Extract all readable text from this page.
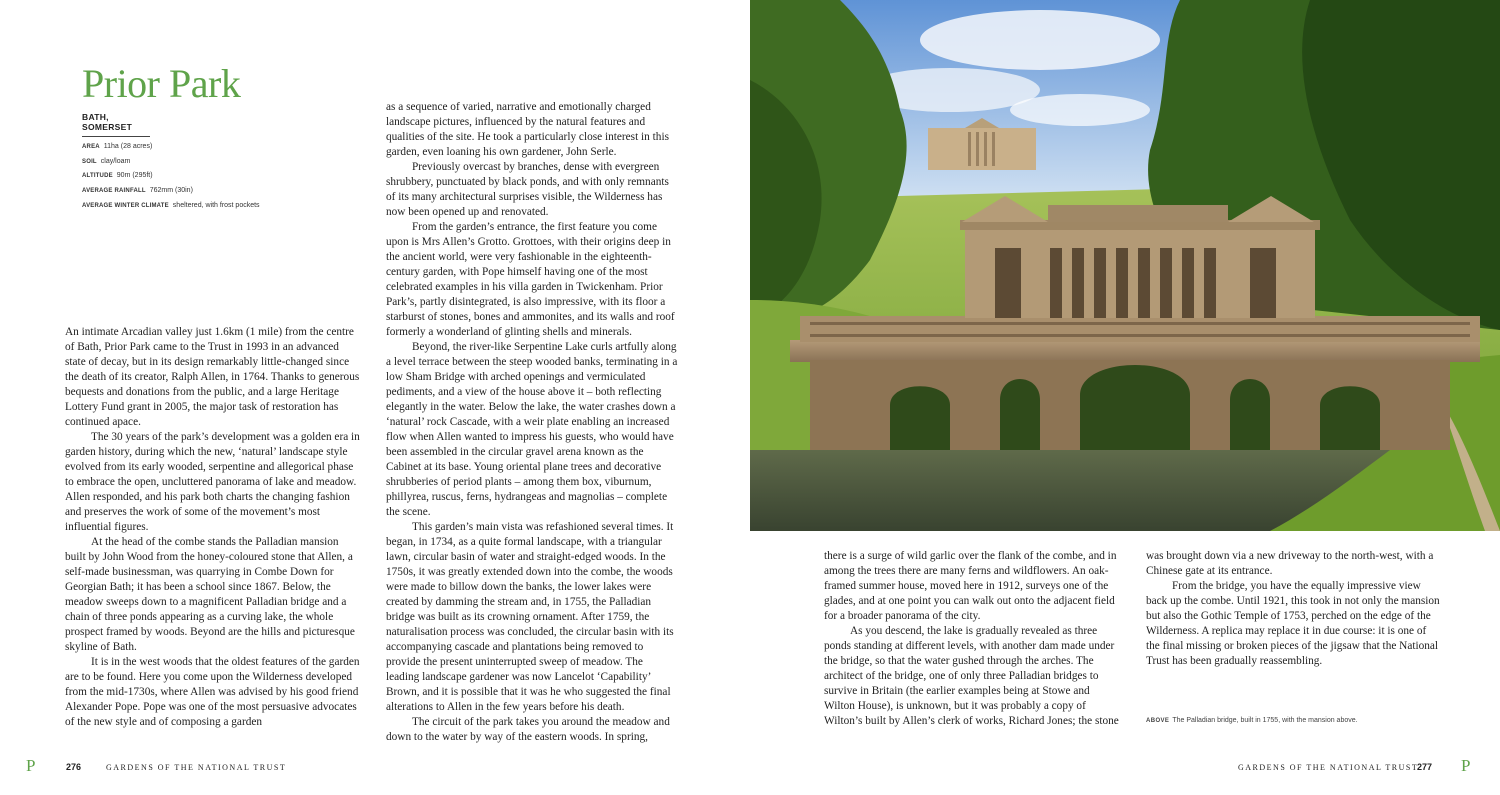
Prior Park
BATH, SOMERSET
AREA 11ha (28 acres)
SOIL clay/loam
ALTITUDE 90m (295ft)
AVERAGE RAINFALL 762mm (30in)
AVERAGE WINTER CLIMATE sheltered, with frost pockets

An intimate Arcadian valley just 1.6km (1 mile) from the centre of Bath, Prior Park came to the Trust in 1993 in an advanced state of decay, but in its design remarkably little-changed since the death of its creator, Ralph Allen, in 1764. Thanks to generous bequests and donations from the public, and a large Heritage Lottery Fund grant in 2005, the major task of restoration has continued apace.

The 30 years of the park’s development was a golden era in garden history, during which the new, ‘natural’ landscape style evolved from its early wooded, serpentine and allegorical phase to embrace the open, uncluttered panorama of lake and meadow. Allen responded, and his park both charts the changing fashion and preserves the work of some of the movement’s most influential figures.

At the head of the combe stands the Palladian mansion built by John Wood from the honey-coloured stone that Allen, a self-made businessman, was quarrying in Combe Down for Georgian Bath; it has been a school since 1867. Below, the meadow sweeps down to a magnificent Palladian bridge and a chain of three ponds appearing as a curving lake, the whole prospect framed by woods. Beyond are the hills and picturesque skyline of Bath.

It is in the west woods that the oldest features of the garden are to be found. Here you come upon the Wilderness developed from the mid-1730s, where Allen was advised by his good friend Alexander Pope. Pope was one of the most persuasive advocates of the new style and of composing a garden

as a sequence of varied, narrative and emotionally charged landscape pictures, influenced by the natural features and qualities of the site. He took a particularly close interest in this garden, even loaning his own gardener, John Serle.

Previously overcast by branches, dense with evergreen shrubbery, punctuated by black ponds, and with only remnants of its many architectural surprises visible, the Wilderness has now been opened up and renovated.

From the garden’s entrance, the first feature you come upon is Mrs Allen’s Grotto. Grottoes, with their origins deep in the ancient world, were very fashionable in the eighteenth-century garden, with Pope himself having one of the most celebrated examples in his villa garden in Twickenham. Prior Park’s, partly disintegrated, is also impressive, with its floor a starburst of stones, bones and ammonites, and its walls and roof formerly a wonderland of glinting shells and minerals.

Beyond, the river-like Serpentine Lake curls artfully along a level terrace between the steep wooded banks, terminating in a low Sham Bridge with arched openings and vermiculated pediments, and a view of the house above it – both reflecting elegantly in the water. Below the lake, the water crashes down a ‘natural’ rock Cascade, with a weir plate enabling an increased flow when Allen wanted to impress his guests, who would have been assembled in the circular gravel arena known as the Cabinet at its base. Young oriental plane trees and decorative shrubberies of period plants – among them box, viburnum, phillyrea, ruscus, ferns, hydrangeas and magnolias – complete the scene.

This garden’s main vista was refashioned several times. It began, in 1734, as a quite formal landscape, with a triangular lawn, circular basin of water and straight-edged woods. In the 1750s, it was greatly extended down into the combe, the woods were made to billow down the banks, the lower lakes were created by damming the stream and, in 1755, the Palladian bridge was built as its crowning ornament. After 1759, the naturalisation process was concluded, the circular basin with its accompanying cascade and plantations being removed to provide the present uninterrupted sweep of meadow. The leading landscape gardener was now Lancelot ‘Capability’ Brown, and it is possible that it was he who suggested the final alterations to Allen in the few years before his death.

The circuit of the park takes you around the meadow and down to the water by way of the eastern woods. In spring,

P	276	GARDENS OF THE NATIONAL TRUST

there is a surge of wild garlic over the flank of the combe, and in among the trees there are many ferns and wildflowers. An oak-framed summer house, moved here in 1912, surveys one of the glades, and at one point you can walk out onto the adjacent field for a broader panorama of the city.

As you descend, the lake is gradually revealed as three ponds standing at different levels, with another dam made under the bridge, so that the water gushed through the arches. The architect of the bridge, one of only three Palladian bridges to survive in Britain (the earlier examples being at Stowe and Wilton House), is unknown, but it was probably a copy of Wilton’s built by Allen’s clerk of works, Richard Jones; the stone

was brought down via a new driveway to the north-west, with a Chinese gate at its entrance.

From the bridge, you have the equally impressive view back up the combe. Until 1921, this took in not only the mansion but also the Gothic Temple of 1753, perched on the edge of the Wilderness. A replica may replace it in due course: it is one of the final missing or broken pieces of the jigsaw that the National Trust has been gradually reassembling.

ABOVE The Palladian bridge, built in 1755, with the mansion above.
GARDENS OF THE NATIONAL TRUST
277 P
